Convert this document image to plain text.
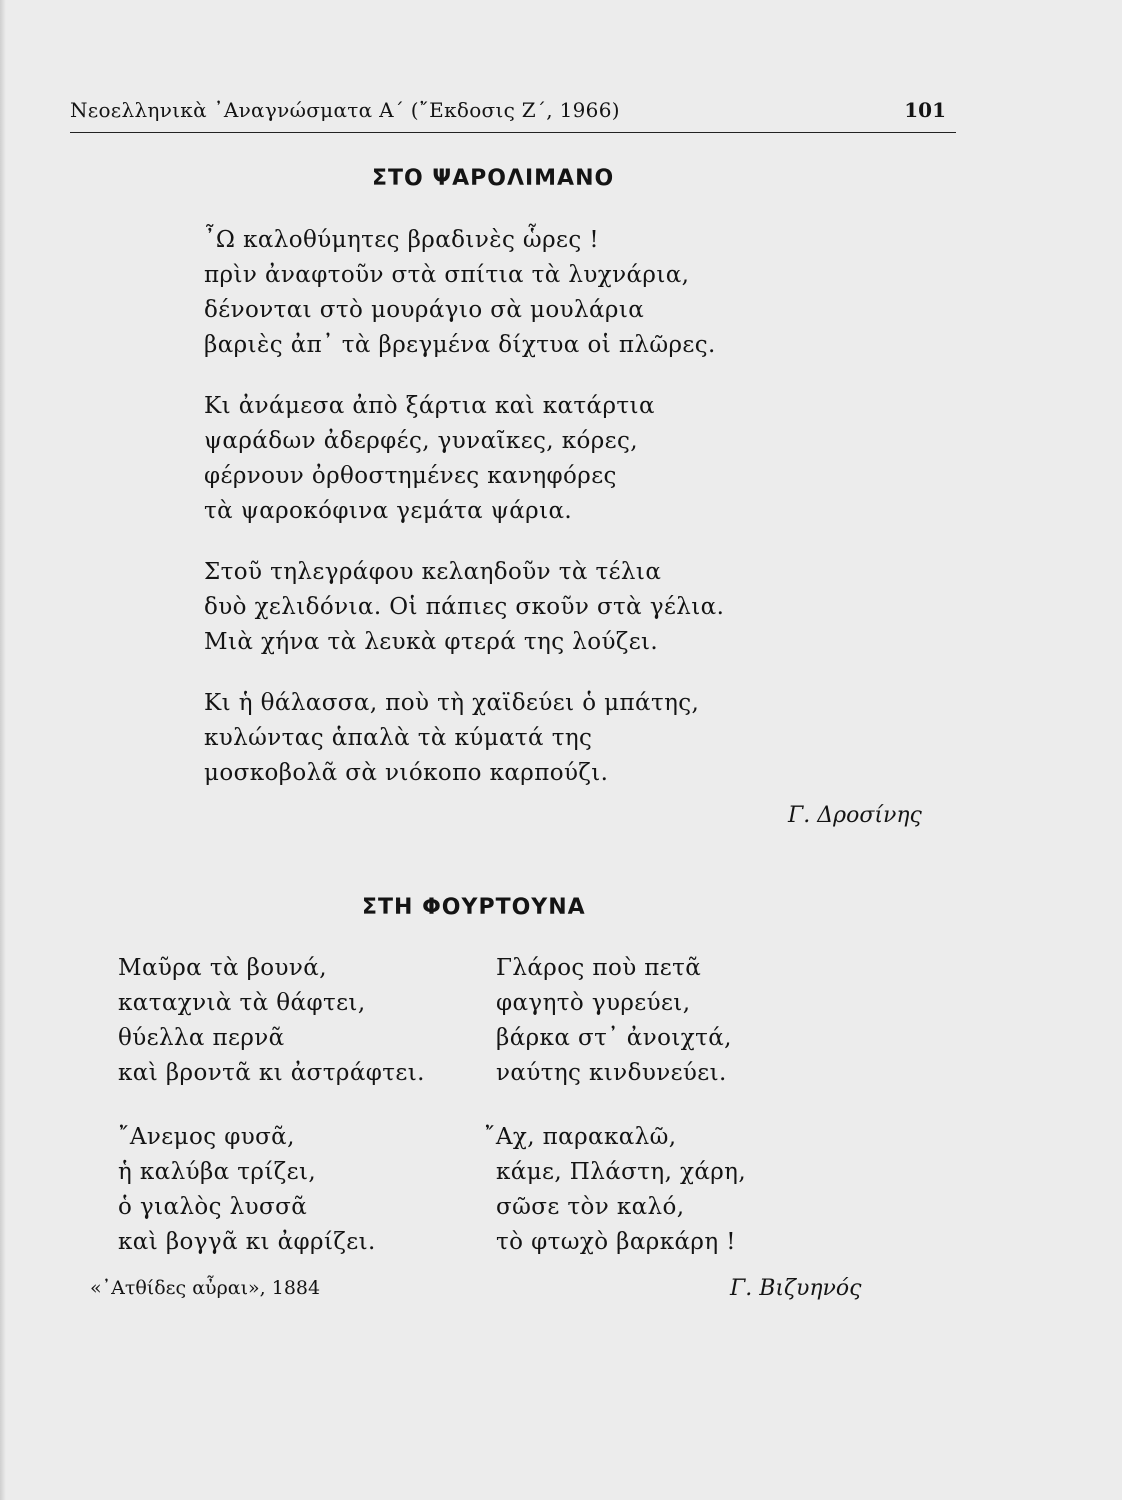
Νεοελληνικὰ ᾿Αναγνώσματα Α΄ (῎Εκδοσις Ζ΄, 1966)	101
ΣΤΟ ΨΑΡΟΛΙΜΑΝΟ
῏Ω καλοθύμητες βραδινὲς ὧρες !
πρὶν ἀναφτοῦν στὰ σπίτια τὰ λυχνάρια,
δένονται στὸ μουράγιο σὰ μουλάρια
βαριὲς ἀπ᾿ τὰ βρεγμένα δίχτυα οἱ πλῶρες.
Κι ἀνάμεσα ἀπὸ ξάρτια καὶ κατάρτια
ψαράδων ἀδερφές, γυναῖκες, κόρες,
φέρνουν ὀρθοστημένες κανηφόρες
τὰ ψαροκόφινα γεμάτα ψάρια.
Στοῦ τηλεγράφου κελαηδοῦν τὰ τέλια
δυὸ χελιδόνια. Οἱ πάπιες σκοῦν στὰ γέλια.
Μιὰ χήνα τὰ λευκὰ φτερά της λούζει.
Κι ἡ θάλασσα, ποὺ τὴ χαϊδεύει ὁ μπάτης,
κυλώντας ἁπαλὰ τὰ κύματά της
μοσκοβολᾶ σὰ νιόκοπο καρπούζι.
Γ. Δροσίνης
ΣΤΗ ΦΟΥΡΤΟΥΝΑ
Μαῦρα τὰ βουνά,
καταχνιὰ τὰ θάφτει,
θύελλα περνᾶ
καὶ βροντᾶ κι ἀστράφτει.
῎Ανεμος φυσᾶ,
ἡ καλύβα τρίζει,
ὁ γιαλὸς λυσσᾶ
καὶ βογγᾶ κι ἀφρίζει.
Γλάρος ποὺ πετᾶ
φαγητὸ γυρεύει,
βάρκα στ᾿ ἀνοιχτά,
ναύτης κινδυνεύει.
῎Αχ, παρακαλῶ,
κάμε, Πλάστη, χάρη,
σῶσε τὸν καλό,
τὸ φτωχὸ βαρκάρη !
«᾿Ατθίδες αὖραι», 1884	Γ. Βιζυηνός
